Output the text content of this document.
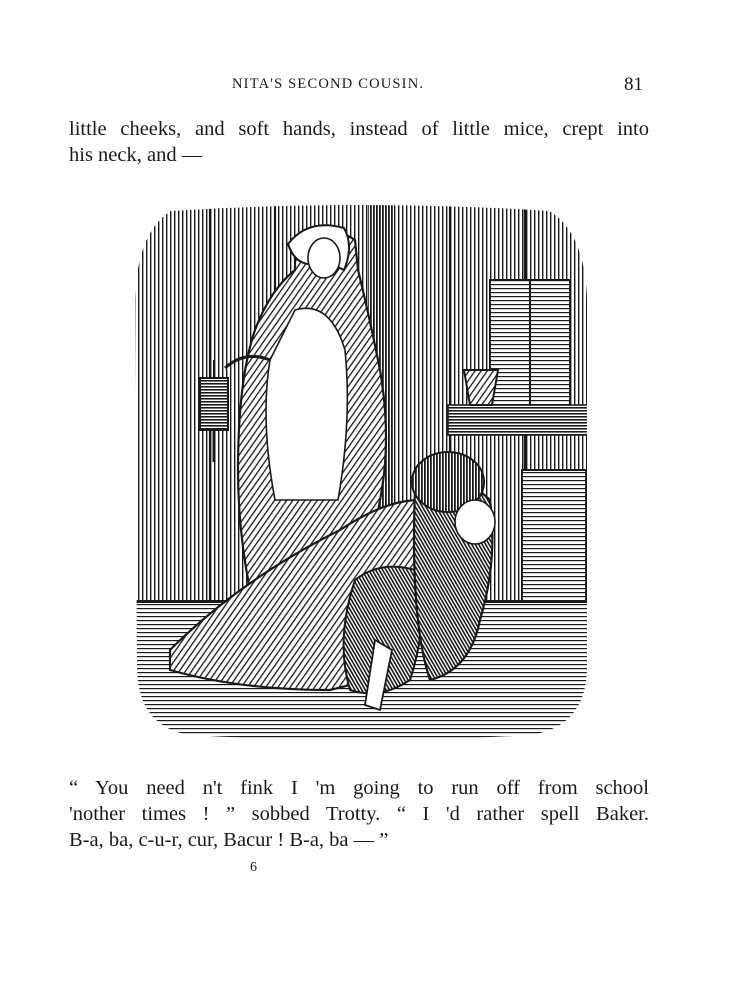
NITA'S SECOND COUSIN.	81
little cheeks, and soft hands, instead of little mice, crept into
his neck, and —
“ You need n't fink I 'm going to run off from school
'nother times ! ” sobbed Trotty. “ I 'd rather spell Baker.
B-a, ba, c-u-r, cur, Bacur ! B-a, ba — ”
6
